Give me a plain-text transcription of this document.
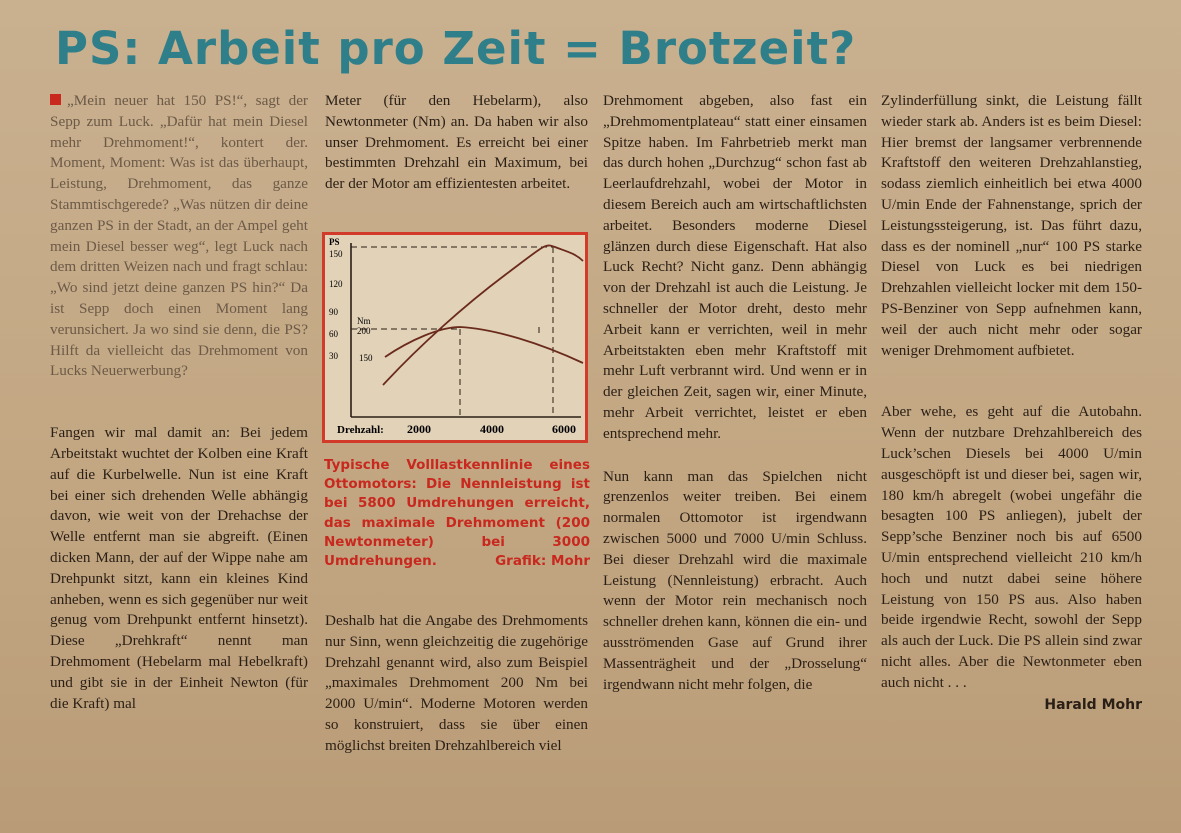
PS: Arbeit pro Zeit = Brotzeit?

„Mein neuer hat 150 PS!“, sagt der Sepp zum Luck. „Dafür hat mein Diesel mehr Drehmoment!“, kontert der. Moment, Moment: Was ist das überhaupt, Leistung, Drehmoment, das ganze Stammtischgerede? „Was nützen dir deine ganzen PS in der Stadt, an der Ampel geht mein Diesel besser weg“, legt Luck nach dem dritten Weizen nach und fragt schlau: „Wo sind jetzt deine ganzen PS hin?“ Da ist Sepp doch einen Moment lang verunsichert. Ja wo sind sie denn, die PS? Hilft da vielleicht das Drehmoment von Lucks Neuerwerbung?

Fangen wir mal damit an: Bei jedem Arbeitstakt wuchtet der Kolben eine Kraft auf die Kurbelwelle. Nun ist eine Kraft bei einer sich drehenden Welle abhängig davon, wie weit von der Drehachse der Welle entfernt man sie abgreift. (Einen dicken Mann, der auf der Wippe nahe am Drehpunkt sitzt, kann ein kleines Kind anheben, wenn es sich gegenüber nur weit genug vom Drehpunkt entfernt hinsetzt). Diese „Drehkraft“ nennt man Drehmoment (Hebelarm mal Hebelkraft) und gibt sie in der Einheit Newton (für die Kraft) mal

Meter (für den Hebelarm), also Newtonmeter (Nm) an. Da haben wir also unser Drehmoment. Es erreicht bei einer bestimmten Drehzahl ein Maximum, bei der der Motor am effizientesten arbeitet.

PS
150
120
90
60
30
Nm
200
150
Drehzahl: 2000	4000	6000
Typische Volllastkennlinie eines Ottomotors: Die Nennleistung ist bei 5800 Umdrehungen erreicht, das maximale Drehmoment (200 Newtonmeter) bei 3000 Umdrehungen.	Grafik: Mohr

Deshalb hat die Angabe des Drehmoments nur Sinn, wenn gleichzeitig die zugehörige Drehzahl genannt wird, also zum Beispiel „maximales Drehmoment 200 Nm bei 2000 U/min“. Moderne Motoren werden so konstruiert, dass sie über einen möglichst breiten Drehzahlbereich viel

Drehmoment abgeben, also fast ein „Drehmomentplateau“ statt einer einsamen Spitze haben. Im Fahrbetrieb merkt man das durch hohen „Durchzug“ schon fast ab Leerlaufdrehzahl, wobei der Motor in diesem Bereich auch am wirtschaftlichsten arbeitet. Besonders moderne Diesel glänzen durch diese Eigenschaft. Hat also Luck Recht? Nicht ganz. Denn abhängig von der Drehzahl ist auch die Leistung. Je schneller der Motor dreht, desto mehr Arbeit kann er verrichten, weil in mehr Arbeitstakten eben mehr Kraftstoff mit mehr Luft verbrannt wird. Und wenn er in der gleichen Zeit, sagen wir, einer Minute, mehr Arbeit verrichtet, leistet er eben entsprechend mehr.

Nun kann man das Spielchen nicht grenzenlos weiter treiben. Bei einem normalen Ottomotor ist irgendwann zwischen 5000 und 7000 U/min Schluss. Bei dieser Drehzahl wird die maximale Leistung (Nennleistung) erbracht. Auch wenn der Motor rein mechanisch noch schneller drehen kann, können die ein- und ausströmenden Gase auf Grund ihrer Massenträgheit und der „Drosselung“ irgendwann nicht mehr folgen, die

Zylinderfüllung sinkt, die Leistung fällt wieder stark ab. Anders ist es beim Diesel: Hier bremst der langsamer verbrennende Kraftstoff den weiteren Drehzahlanstieg, sodass ziemlich einheitlich bei etwa 4000 U/min Ende der Fahnenstange, sprich der Leistungssteigerung, ist. Das führt dazu, dass es der nominell „nur“ 100 PS starke Diesel von Luck es bei niedrigen Drehzahlen vielleicht locker mit dem 150-PS-Benziner von Sepp aufnehmen kann, weil der auch nicht mehr oder sogar weniger Drehmoment aufbietet.

Aber wehe, es geht auf die Autobahn. Wenn der nutzbare Drehzahlbereich des Luck’schen Diesels bei 4000 U/min ausgeschöpft ist und dieser bei, sagen wir, 180 km/h abregelt (wobei ungefähr die besagten 100 PS anliegen), jubelt der Sepp’sche Benziner noch bis auf 6500 U/min entsprechend vielleicht 210 km/h hoch und nutzt dabei seine höhere Leistung von 150 PS aus. Also haben beide irgendwie Recht, sowohl der Sepp als auch der Luck. Die PS allein sind zwar nicht alles. Aber die Newtonmeter eben auch nicht . . .

Harald Mohr
